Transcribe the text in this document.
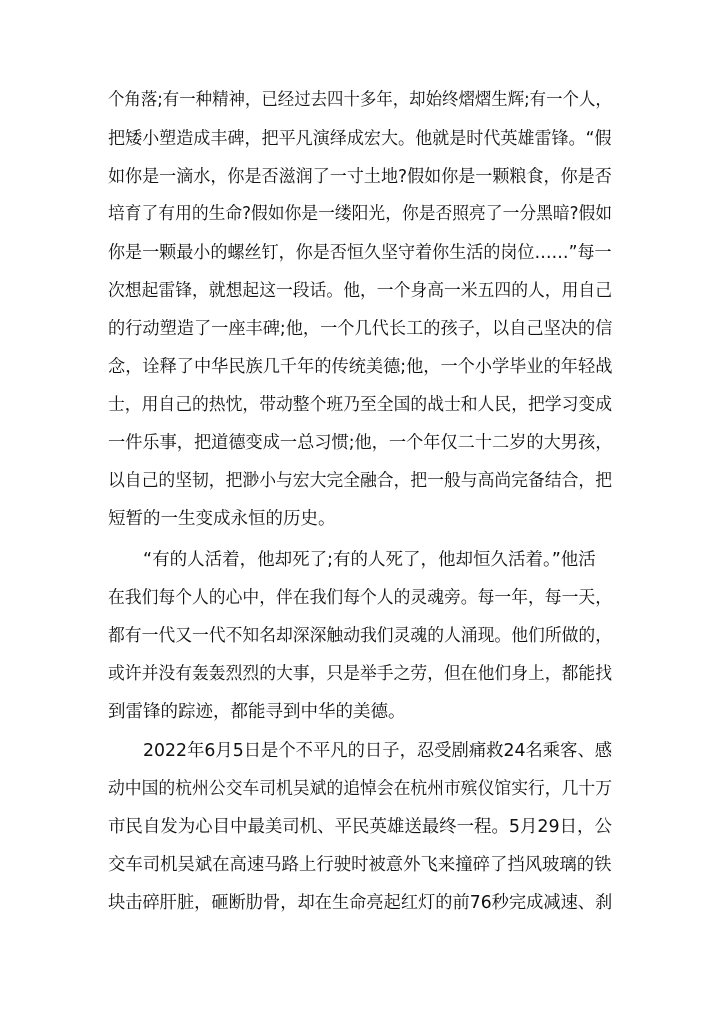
个角落;有一种精神，已经过去四十多年，却始终熠熠生辉;有一个人，
把矮小塑造成丰碑，把平凡演绎成宏大。他就是时代英雄雷锋。“假
如你是一滴水，你是否滋润了一寸土地?假如你是一颗粮食，你是否
培育了有用的生命?假如你是一缕阳光，你是否照亮了一分黑暗?假如
你是一颗最小的螺丝钉，你是否恒久坚守着你生活的岗位……”每一
次想起雷锋，就想起这一段话。他，一个身高一米五四的人，用自己
的行动塑造了一座丰碑;他，一个几代长工的孩子，以自己坚决的信
念，诠释了中华民族几千年的传统美德;他，一个小学毕业的年轻战
士，用自己的热忱，带动整个班乃至全国的战士和人民，把学习变成
一件乐事，把道德变成一总习惯;他，一个年仅二十二岁的大男孩，
以自己的坚韧，把渺小与宏大完全融合，把一般与高尚完备结合，把
短暂的一生变成永恒的历史。
“有的人活着，他却死了;有的人死了，他却恒久活着。”他活
在我们每个人的心中，伴在我们每个人的灵魂旁。每一年，每一天，
都有一代又一代不知名却深深触动我们灵魂的人涌现。他们所做的，
或许并没有轰轰烈烈的大事，只是举手之劳，但在他们身上，都能找
到雷锋的踪迹，都能寻到中华的美德。
2022年6月5日是个不平凡的日子，忍受剧痛救24名乘客、感
动中国的杭州公交车司机吴斌的追悼会在杭州市殡仪馆实行，几十万
市民自发为心目中最美司机、平民英雄送最终一程。5月29日，公
交车司机吴斌在高速马路上行驶时被意外飞来撞碎了挡风玻璃的铁
块击碎肝脏，砸断肋骨，却在生命亮起红灯的前76秒完成减速、刹
